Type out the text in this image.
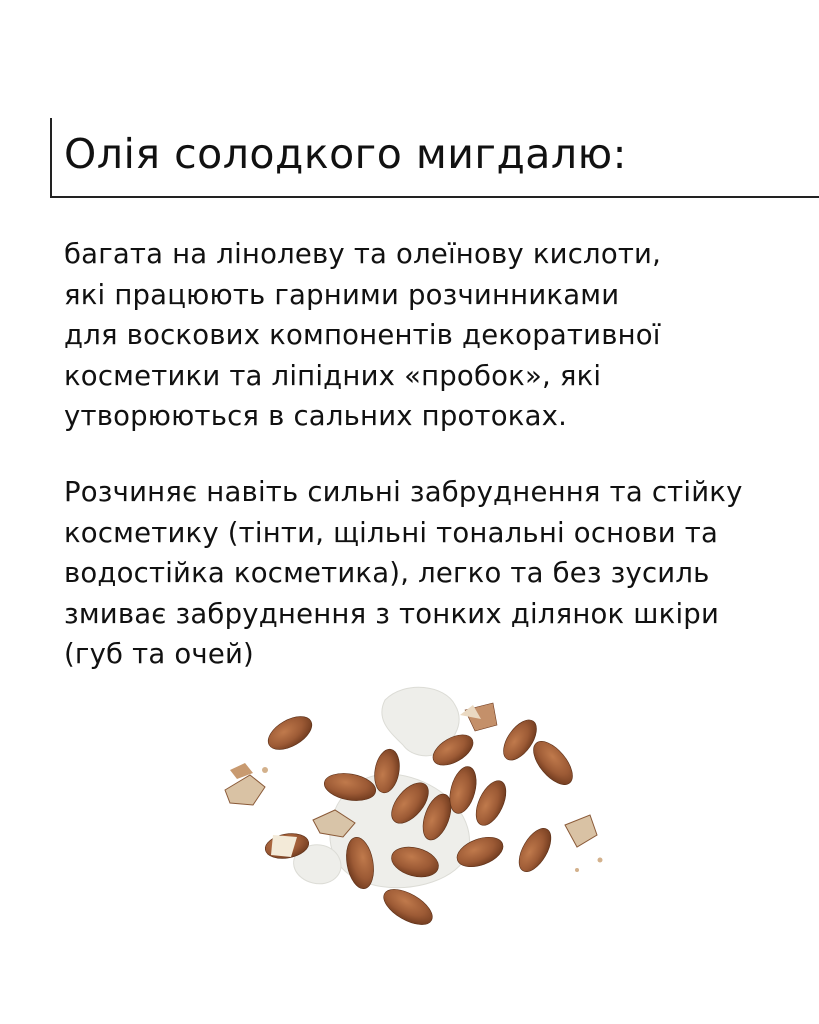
Олія солодкого мигдалю:

багата на лінолеву та олеїнову кислоти,
які працюють гарними розчинниками
для воскових компонентів декоративної
косметики та ліпідних «пробок», які
утворюються в сальних протоках.

Розчиняє навіть сильні забруднення та стійку
косметику (тінти, щільні тональні основи та
водостійка косметика), легко та без зусиль
змиває забруднення з тонких ділянок шкіри
(губ та очей)
